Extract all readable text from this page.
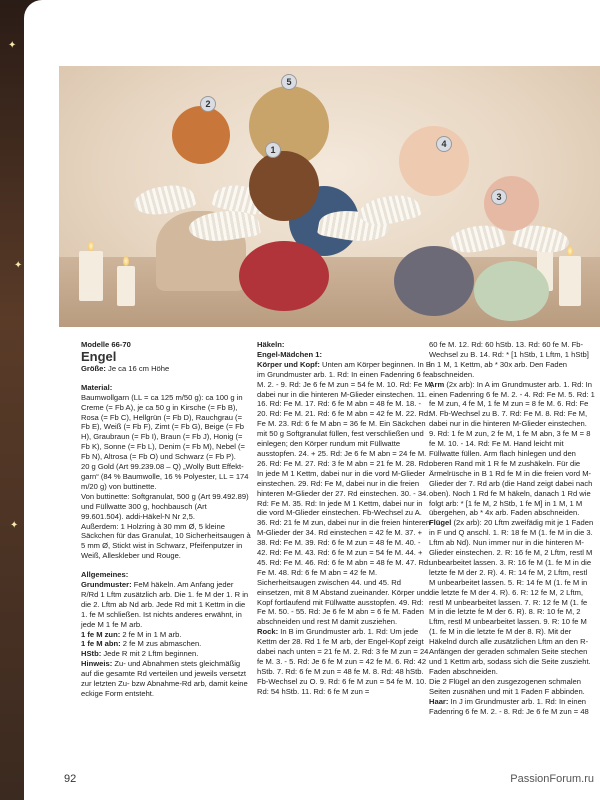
✦
✦
✦
2
5
1
4
3

Modelle 66-70

Engel

Größe: Je ca 16 cm Höhe

Material:

Baumwollgarn (LL = ca 125 m/50 g): ca 100 g in Creme (= Fb A), je ca 50 g in Kirsche (= Fb B), Rosa (= Fb C), Hellgrün (= Fb D), Rauchgrau (= Fb E), Weiß (= Fb F), Zimt (= Fb G), Beige (= Fb H), Graubraun (= Fb I), Braun (= Fb J), Honig (= Fb K), Sonne (= Fb L), Denim (= Fb M), Nebel (= Fb N), Altrosa (= Fb O) und Schwarz (= Fb P).

20 g Gold (Art 99.239.08 – Q) „Wolly Butt Effekt-garn“ (84 % Baumwolle, 16 % Polyester, LL = 174 m/20 g) von buttinette.

Von buttinette: Softgranulat, 500 g (Art 99.492.89) und Füllwatte 300 g, hochbausch (Art 99.601.504). addi-Häkel-N Nr 2,5.

Außerdem: 1 Holzring à 30 mm Ø, 5 kleine Säckchen für das Granulat, 10 Sicherheitsaugen à 5 mm Ø, Stickt wist in Schwarz, Pfeifenputzer in Weiß, Alleskleber und Rouge.

Allgemeines:

Grundmuster: FeM häkeln. Am Anfang jeder R/Rd 1 Lftm zusätzlich arb. Die 1. fe M der 1. R in die 2. Lftm ab Nd arb. Jede Rd mit 1 Kettm in die 1. fe M schließen. Ist nichts anderes erwähnt, in jede M 1 fe M arb.

1 fe M zun: 2 fe M in 1 M arb.

1 fe M abn: 2 fe M zus abmaschen.

HStb: Jede R mit 2 Lftm beginnen.

Hinweis: Zu- und Abnahmen stets gleichmäßig auf die gesamte Rd verteilen und jeweils versetzt zur letzten Zu- bzw Abnahme-Rd arb, damit keine eckige Form entsteht.

Häkeln:

Engel-Mädchen 1:

Körper und Kopf: Unten am Körper beginnen. In B im Grundmuster arb. 1. Rd: In einen Fadenring 6 fe M. 2. - 9. Rd: Je 6 fe M zun = 54 fe M. 10. Rd: Fe M, dabei nur in die hinteren M-Glieder einstechen. 11. - 16. Rd: Fe M. 17. Rd: 6 fe M abn = 48 fe M. 18. - 20. Rd: Fe M. 21. Rd: 6 fe M abn = 42 fe M. 22. Rd: Fe M. 23. Rd: 6 fe M abn = 36 fe M. Ein Säckchen mit 50 g Softgranulat füllen, fest verschließen und einlegen; den Körper rundum mit Füllwatte ausstopfen. 24. + 25. Rd: Je 6 fe M abn = 24 fe M. 26. Rd: Fe M. 27. Rd: 3 fe M abn = 21 fe M. 28. Rd: In jede M 1 Kettm, dabei nur in die vord M-Glieder einstechen. 29. Rd: Fe M, dabei nur in die freien hinteren M-Glieder der 27. Rd einstechen. 30. - 34. Rd: Fe M. 35. Rd: In jede M 1 Kettm, dabei nur in die vord M-Glieder einstechen. Fb-Wechsel zu A. 36. Rd: 21 fe M zun, dabei nur in die freien hinteren M-Glieder der 34. Rd einstechen = 42 fe M. 37. + 38. Rd: Fe M. 39. Rd: 6 fe M zun = 48 fe M. 40. - 42. Rd: Fe M. 43. Rd: 6 fe M zun = 54 fe M. 44. + 45. Rd: Fe M. 46. Rd: 6 fe M abn = 48 fe M. 47. Rd: Fe M. 48. Rd: 6 fe M abn = 42 fe M. Sicherheitsaugen zwischen 44. und 45. Rd einsetzen, mit 8 M Abstand zueinander. Körper und Kopf fortlaufend mit Füllwatte ausstopfen. 49. Rd: Fe M. 50. - 55. Rd: Je 6 fe M abn = 6 fe M. Faden abschneiden und rest M damit zusziehen.

Rock: In B im Grundmuster arb. 1. Rd: Um jede Kettm der 28. Rd 1 fe M arb, der Engel-Kopf zeigt dabei nach unten = 21 fe M. 2. Rd: 3 fe M zun = 24 fe M. 3. - 5. Rd: Je 6 fe M zun = 42 fe M. 6. Rd: 42 hStb. 7. Rd: 6 fe M zun = 48 fe M. 8. Rd: 48 hStb. Fb-Wechsel zu O. 9. Rd: 6 fe M zun = 54 fe M. 10. Rd: 54 hStb. 11. Rd: 6 fe M zun =

60 fe M. 12. Rd: 60 hStb. 13. Rd: 60 fe M. Fb-Wechsel zu B. 14. Rd: * [1 hStb, 1 Lftm, 1 hStb] in 1 M, 1 Kettm, ab * 30x arb. Den Faden abschneiden.

Arm (2x arb): In A im Grundmuster arb. 1. Rd: In einen Fadenring 6 fe M. 2. - 4. Rd: Fe M. 5. Rd: 1 fe M zun, 4 fe M, 1 fe M zun = 8 fe M. 6. Rd: Fe M. Fb-Wechsel zu B. 7. Rd: Fe M. 8. Rd: Fe M, dabei nur in die hinteren M-Glieder einstechen. 9. Rd: 1 fe M zun, 2 fe M, 1 fe M abn, 3 fe M = 8 fe M. 10. - 14. Rd: Fe M. Hand leicht mit Füllwatte füllen. Arm flach hinlegen und den oberen Rand mit 1 R fe M zushäkeln. Für die Ärmelrüsche in B 1 Rd fe M in die freien vord M-Glieder der 7. Rd arb (die Hand zeigt dabei nach oben). Noch 1 Rd fe M häkeln, danach 1 Rd wie folgt arb: * [1 fe M, 2 hStb, 1 fe M] in 1 M, 1 M übergehen, ab * 4x arb. Faden abschneiden.

Flügel (2x arb): 20 Lftm zweifädig mit je 1 Faden in F und Q anschl. 1. R: 18 fe M (1. fe M in die 3. Lftm ab Nd). Nun immer nur in die hinteren M-Glieder einstechen. 2. R: 16 fe M, 2 Lftm, restl M unbearbeitet lassen. 3. R: 16 fe M (1. fe M in die letzte fe M der 2. R). 4. R: 14 fe M, 2 Lftm, restl M unbearbeitet lassen. 5. R: 14 fe M (1. fe M in die letzte fe M der 4. R). 6. R: 12 fe M, 2 Lftm, restl M unbearbeitet lassen. 7. R: 12 fe M (1. fe M in die letzte fe M der 6. R). 8. R: 10 fe M, 2 Lftm, restl M unbearbeitet lassen. 9. R: 10 fe M (1. fe M in die letzte fe M der 8. R). Mit der Häkelnd durch alle zusätzlichen Lftm an den R-Anfängen der geraden schmalen Seite stechen und 1 Kettm arb, sodass sich die Seite zuszieht. Faden abschneiden.

Die 2 Flügel an den zusgezogenen schmalen Seiten zusnähen und mit 1 Faden F abbinden.

Haar: In J im Grundmuster arb. 1. Rd: In einen Fadenring 6 fe M. 2. - 8. Rd: Je 6 fe M zun = 48

92	PassionForum.ru
